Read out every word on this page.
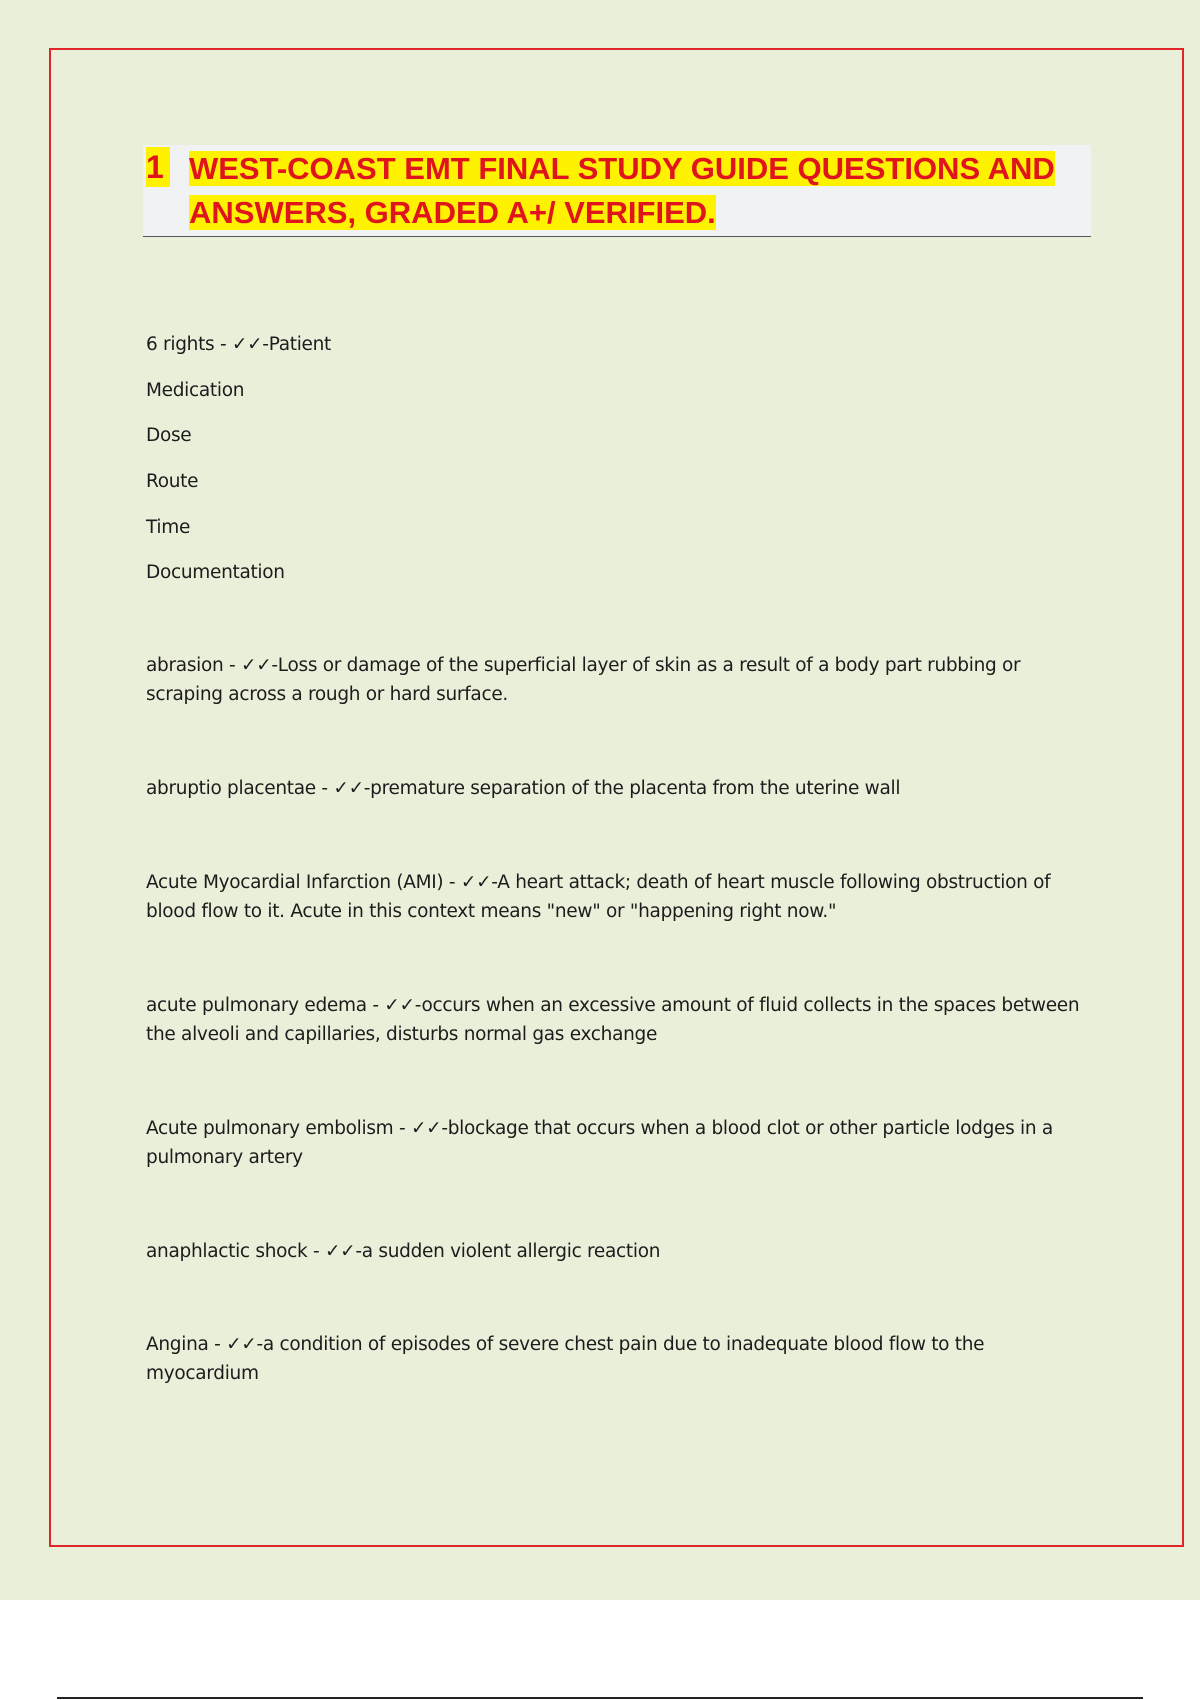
1 WEST-COAST EMT FINAL STUDY GUIDE QUESTIONS AND
ANSWERS, GRADED A+/ VERIFIED.
6 rights - ✓✓-Patient
Medication
Dose
Route
Time
Documentation
abrasion - ✓✓-Loss or damage of the superficial layer of skin as a result of a body part rubbing or scraping across a rough or hard surface.
abruptio placentae - ✓✓-premature separation of the placenta from the uterine wall
Acute Myocardial Infarction (AMI) - ✓✓-A heart attack; death of heart muscle following obstruction of blood flow to it. Acute in this context means "new" or "happening right now."
acute pulmonary edema - ✓✓-occurs when an excessive amount of fluid collects in the spaces between the alveoli and capillaries, disturbs normal gas exchange
Acute pulmonary embolism - ✓✓-blockage that occurs when a blood clot or other particle lodges in a pulmonary artery
anaphlactic shock - ✓✓-a sudden violent allergic reaction
Angina - ✓✓-a condition of episodes of severe chest pain due to inadequate blood flow to the myocardium
